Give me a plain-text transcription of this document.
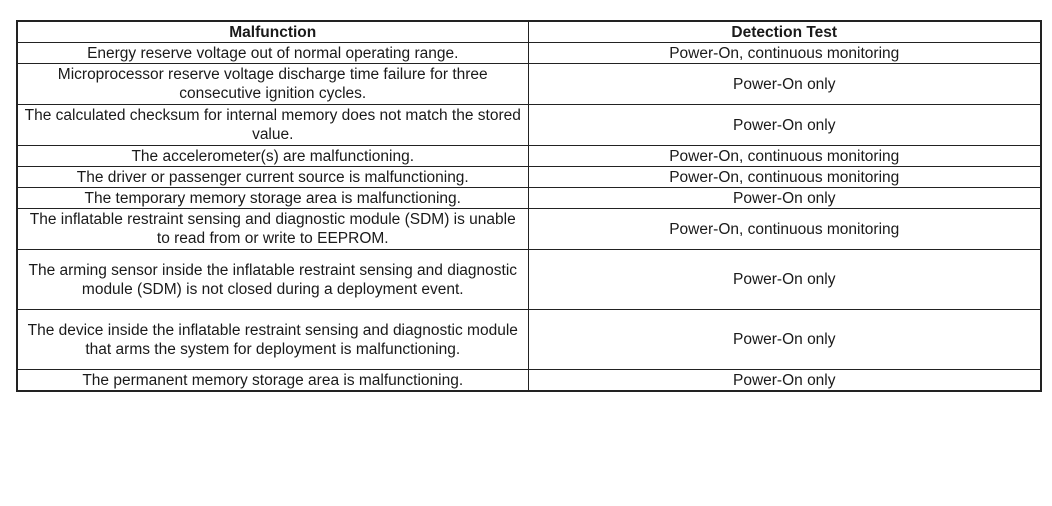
Malfunction	Detection Test
Energy reserve voltage out of normal operating range.	Power-On, continuous monitoring
Microprocessor reserve voltage discharge time failure for three consecutive ignition cycles.	Power-On only
The calculated checksum for internal memory does not match the stored value.	Power-On only
The accelerometer(s) are malfunctioning.	Power-On, continuous monitoring
The driver or passenger current source is malfunctioning.	Power-On, continuous monitoring
The temporary memory storage area is malfunctioning.	Power-On only
The inflatable restraint sensing and diagnostic module (SDM) is unable to read from or write to EEPROM.	Power-On, continuous monitoring
The arming sensor inside the inflatable restraint sensing and diagnostic module (SDM) is not closed during a deployment event.	Power-On only
The device inside the inflatable restraint sensing and diagnostic module that arms the system for deployment is malfunctioning.	Power-On only
The permanent memory storage area is malfunctioning.	Power-On only
